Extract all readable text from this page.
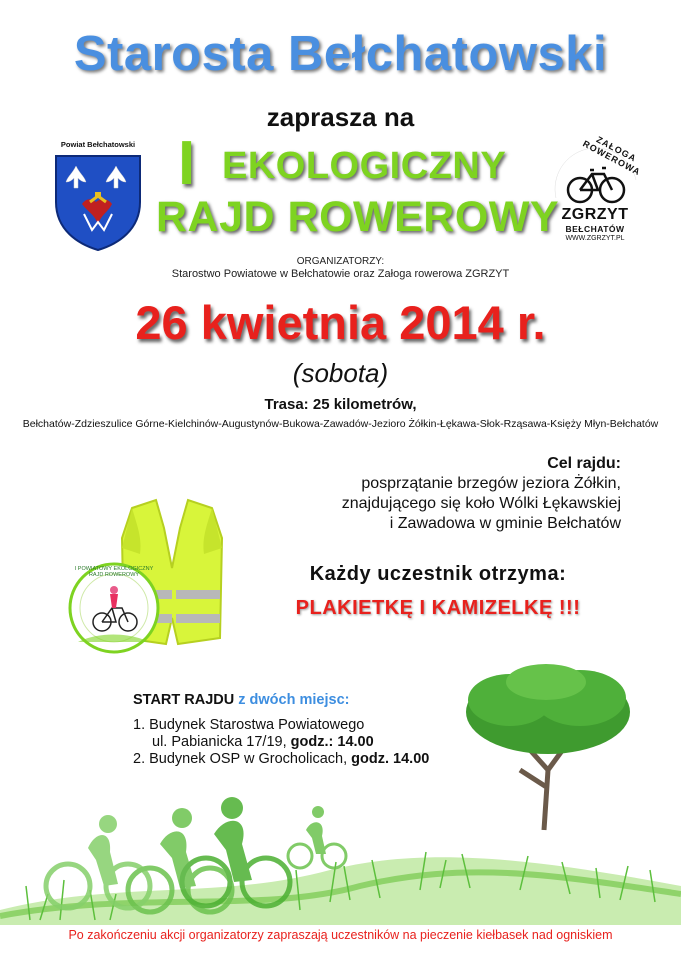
Starosta Bełchatowski
zaprasza na
I EKOLOGICZNY
RAJD ROWEROWY
Powiat Bełchatowski	ZAŁOGA ROWEROWA
ZGRZYT
BEŁCHATÓW
WWW.ZGRZYT.PL
ORGANIZATORZY:
Starostwo Powiatowe w Bełchatowie oraz Załoga rowerowa ZGRZYT
26 kwietnia 2014 r.
(sobota)
Trasa: 25 kilometrów,
Bełchatów-Zdzieszulice Górne-Kielchinów-Augustynów-Bukowa-Zawadów-Jezioro Żółkin-Łękawa-Słok-Rząsawa-Księży Młyn-Bełchatów
Cel rajdu:
posprzątanie brzegów jeziora Żółkin,
znajdującego się koło Wólki Łękawskiej
i Zawadowa w gminie Bełchatów
I POWIATOWY EKOLOGICZNY RAJD ROWEROWY	Każdy uczestnik otrzyma:
PLAKIETKĘ I KAMIZELKĘ !!!
START RAJDU z dwóch miejsc:
1. Budynek Starostwa Powiatowego
ul. Pabianicka 17/19, godz.: 14.00
2. Budynek OSP w Grocholicach, godz. 14.00
Po zakończeniu akcji organizatorzy zapraszają uczestników na pieczenie kiełbasek nad ogniskiem
